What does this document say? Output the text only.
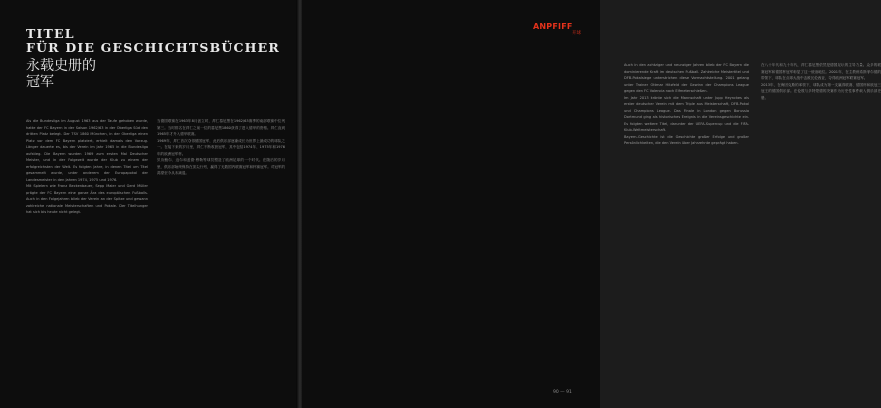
TITEL
FÜR DIE GESCHICHTSBÜCHER
永载史册的
冠军

Als die Bundesliga im August 1963 aus der Taufe gehoben wurde, hatte der FC Bayern in der Saison 1962/63 in der Oberliga Süd den dritten Platz belegt. Der TSV 1860 München, in der Oberliga einen Platz vor dem FC Bayern platziert, erhielt damals den Vorzug. Länger dauerte es, bis der Verein im Jahr 1965 in die Bundesliga aufstieg. Die Bayern wurden 1969 zum ersten Mal Deutscher Meister, und in der Folgezeit wurde der Klub zu einem der erfolgreichsten der Welt. Es folgten Jahre, in denen Titel um Titel gesammelt wurde, unter anderem der Europapokal der Landesmeister in den Jahren 1974, 1975 und 1976.

Mit Spielern wie Franz Beckenbauer, Sepp Maier und Gerd Müller prägte der FC Bayern eine ganze Ära des europäischen Fußballs. Auch in den Folgejahren blieb der Verein an der Spitze und gewann zahlreiche nationale Meisterschaften und Pokale. Der Titelhunger hat sich bis heute nicht gelegt.

当德国联赛在1963年8月创立时，拜仁慕尼黑在1962/63赛季的南部联赛中位列第三。当时排名在拜仁之前一位的慕尼黑1860获得了进入德甲的资格。拜仁直到1965年才升入德甲联赛。

1969年，拜仁首次夺得德国冠军，此后俱乐部逐渐成长为世界上最成功的球队之一。在接下来的岁月里，拜仁不断收获冠军，其中包括1974年、1975年和1976年的欧洲冠军杯。

贝肯鲍尔、迈尔和盖德·穆勒等球员塑造了欧洲足球的一个时代。在随后的岁月里，俱乐部始终保持在顶尖行列，赢得了无数国内联赛冠军和杯赛冠军。对冠军的渴望至今从未减退。

Auch in den achtziger und neunziger Jahren blieb der FC Bayern die dominierende Kraft im deutschen Fußball. Zahlreiche Meistertitel und DFB-Pokalsiege unterstrichen diese Vormachtstellung. 2001 gelang unter Trainer Ottmar Hitzfeld der Gewinn der Champions League gegen den FC Valencia nach Elfmeterschießen.

Im Jahr 2013 krönte sich die Mannschaft unter Jupp Heynckes als erster deutscher Verein mit dem Triple aus Meisterschaft, DFB-Pokal und Champions League. Das Finale in London gegen Borussia Dortmund ging als historisches Ereignis in die Vereinsgeschichte ein. Es folgten weitere Titel, darunter der UEFA-Supercup und die FIFA-Klub-Weltmeisterschaft.

Bayern-Geschichte ist die Geschichte großer Erfolge und großer Persönlichkeiten, die den Verein über Jahrzehnte geprägt haben.

在八十年代和九十年代，拜仁慕尼黑依然是德国足坛的主导力量。众多的联赛冠军和德国杯冠军彰显了这一统治地位。2001年，在主教练希斯菲尔德的带领下，球队在点球大战中击败瓦伦西亚，夺得欧洲冠军联赛冠军。

2013年，在海因克斯的率领下，球队成为第一支赢得联赛、德国杯和欧冠三冠王的德国俱乐部。在伦敦与多特蒙德的决赛作为历史性事件载入俱乐部史册。

ANPFIFF
开球
90 — 91
